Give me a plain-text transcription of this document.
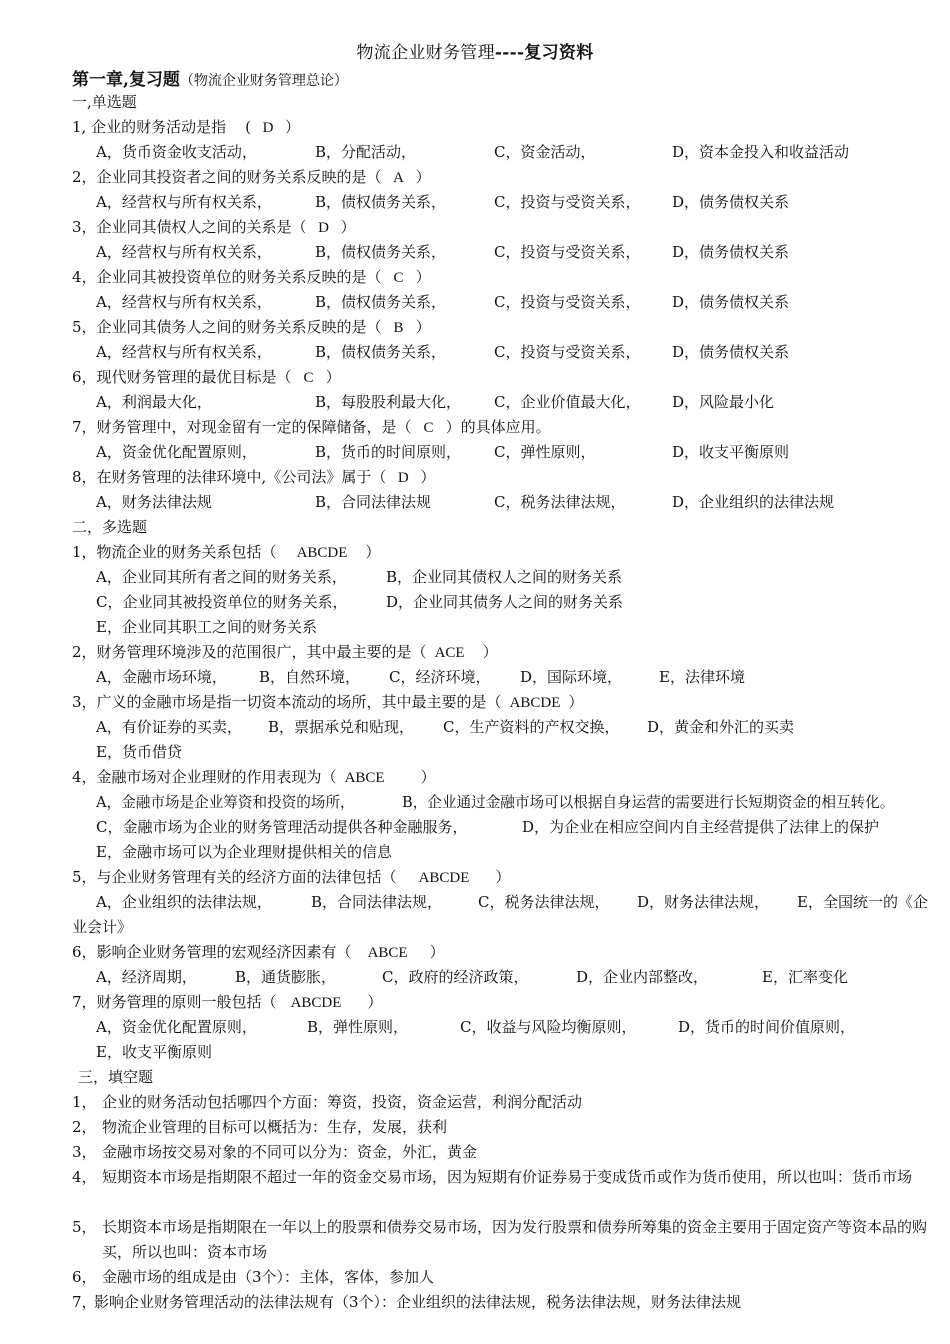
物流企业财务管理----复习资料
第一章,复习题（物流企业财务管理总论）
一,单选题
1, 企业的财务活动是指    ( D ）
A，货币资金收支活动，	B，分配活动，	C，资金活动，	D，资本金投入和收益活动
2，企业同其投资者之间的财务关系反映的是（ A ）
A，经营权与所有权关系，	B，债权债务关系，	C，投资与受资关系， D，债务债权关系
3，企业同其债权人之间的关系是（ D ）
A，经营权与所有权关系，	B，债权债务关系，	C，投资与受资关系， D，债务债权关系
4，企业同其被投资单位的财务关系反映的是（ C ）
A，经营权与所有权关系，	B，债权债务关系，	C，投资与受资关系， D，债务债权关系
5，企业同其债务人之间的财务关系反映的是（ B ）
A，经营权与所有权关系，	B，债权债务关系，	C，投资与受资关系， D，债务债权关系
6，现代财务管理的最优目标是（ C ）
A，利润最大化，	B，每股股利最大化， C，企业价值最大化， D，风险最小化
7，财务管理中，对现金留有一定的保障储备，是（ C ）的具体应用。
A，资金优化配置原则，	B，货币的时间原则， C，弹性原则，	D，收支平衡原则
8，在财务管理的法律环境中,《公司法》属于（ D ）
A，财务法律法规	B，合同法律法规	C，税务法律法规，	D，企业组织的法律法规
二，多选题
1，物流企业的财务关系包括（ ABCDE ）
A，企业同其所有者之间的财务关系，	B，企业同其债权人之间的财务关系
C，企业同其被投资单位的财务关系，	D，企业同其债务人之间的财务关系
E，企业同其职工之间的财务关系
2，财务管理环境涉及的范围很广，其中最主要的是（ ACE ）
A，金融市场环境， B，自然环境， C，经济环境， D，国际环境， E，法律环境
3，广义的金融市场是指一切资本流动的场所，其中最主要的是（ ABCDE ）
A，有价证券的买卖， B，票据承兑和贴现， C，生产资料的产权交换， D，黄金和外汇的买卖
E，货币借贷
4，金融市场对企业理财的作用表现为（ ABCE ）
A，金融市场是企业筹资和投资的场所，	B，企业通过金融市场可以根据自身运营的需要进行长短期资金的相互转化。
C，金融市场为企业的财务管理活动提供各种金融服务，	D，为企业在相应空间内自主经营提供了法律上的保护
E，金融市场可以为企业理财提供相关的信息
5，与企业财务管理有关的经济方面的法律包括（ ABCDE ）
A，企业组织的法律法规，	B，合同法律法规， C，税务法律法规， D，财务法律法规， E，全国统一的《企
业会计》
6，影响企业财务管理的宏观经济因素有（ ABCE ）
A，经济周期，	B，通货膨胀，	C，政府的经济政策，	D，企业内部整改，	E，汇率变化
7，财务管理的原则一般包括（ ABCDE ）
A，资金优化配置原则，	B，弹性原则，	C，收益与风险均衡原则，	D，货币的时间价值原则，
E，收支平衡原则
三，填空题
1， 企业的财务活动包括哪四个方面：筹资，投资，资金运营，利润分配活动
2， 物流企业管理的目标可以概括为：生存，发展，获利
3， 金融市场按交易对象的不同可以分为：资金，外汇，黄金
4， 短期资本市场是指期限不超过一年的资金交易市场，因为短期有价证券易于变成货币或作为货币使用，所以也叫：货币市场
5， 长期资本市场是指期限在一年以上的股票和债券交易市场，因为发行股票和债券所筹集的资金主要用于固定资产等资本品的购买，所以也叫：资本市场
6， 金融市场的组成是由（3个）：主体，客体，参加人
7，影响企业财务管理活动的法律法规有（3个）：企业组织的法律法规，税务法律法规，财务法律法规
